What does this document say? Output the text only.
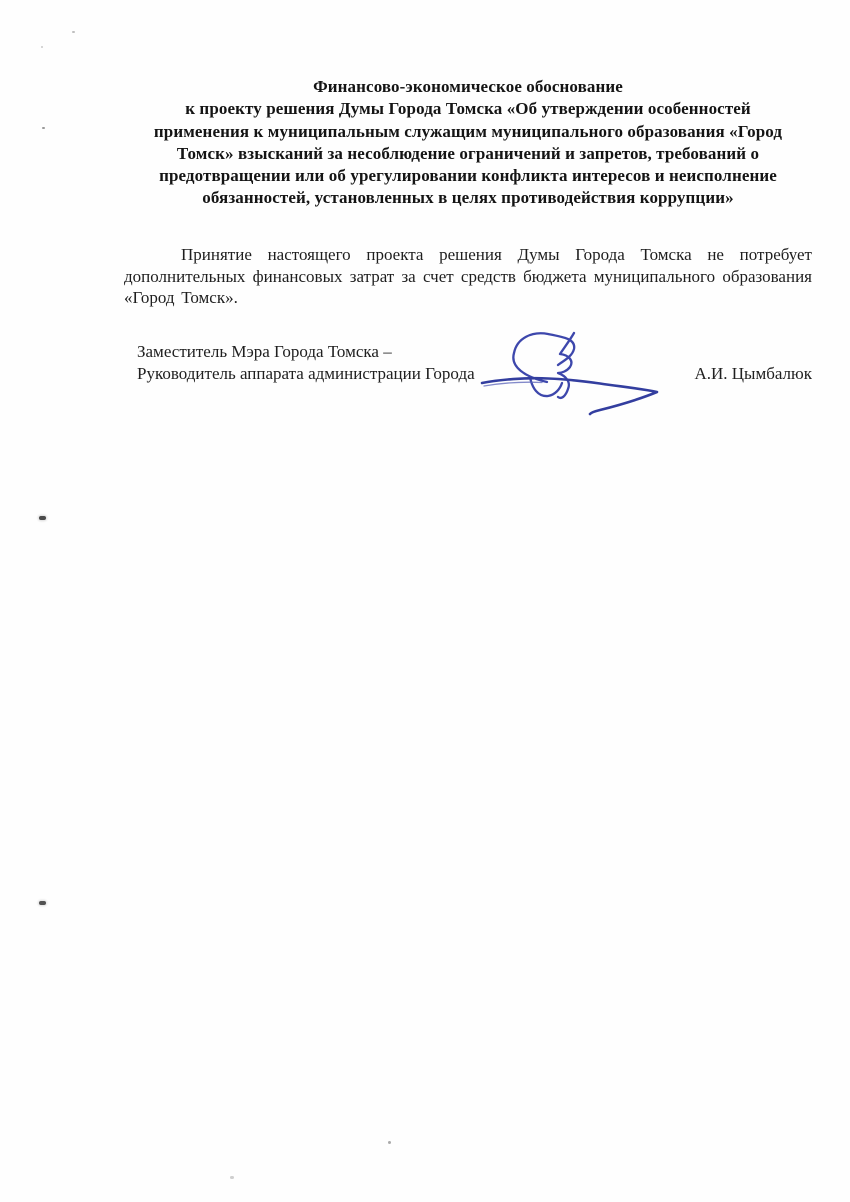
Финансово-экономическое обоснование
к проекту решения Думы Города Томска «Об утверждении особенностей
применения к муниципальным служащим муниципального образования «Город
Томск» взысканий за несоблюдение ограничений и запретов, требований о
предотвращении или об урегулировании конфликта интересов и неисполнение
обязанностей, установленных в целях противодействия коррупции»

Принятие настоящего проекта решения Думы Города Томска не потребует дополнительных финансовых затрат за счет средств бюджета муниципального образования «Город Томск».

Заместитель Мэра Города Томска –
Руководитель аппарата администрации Города	А.И. Цымбалюк
